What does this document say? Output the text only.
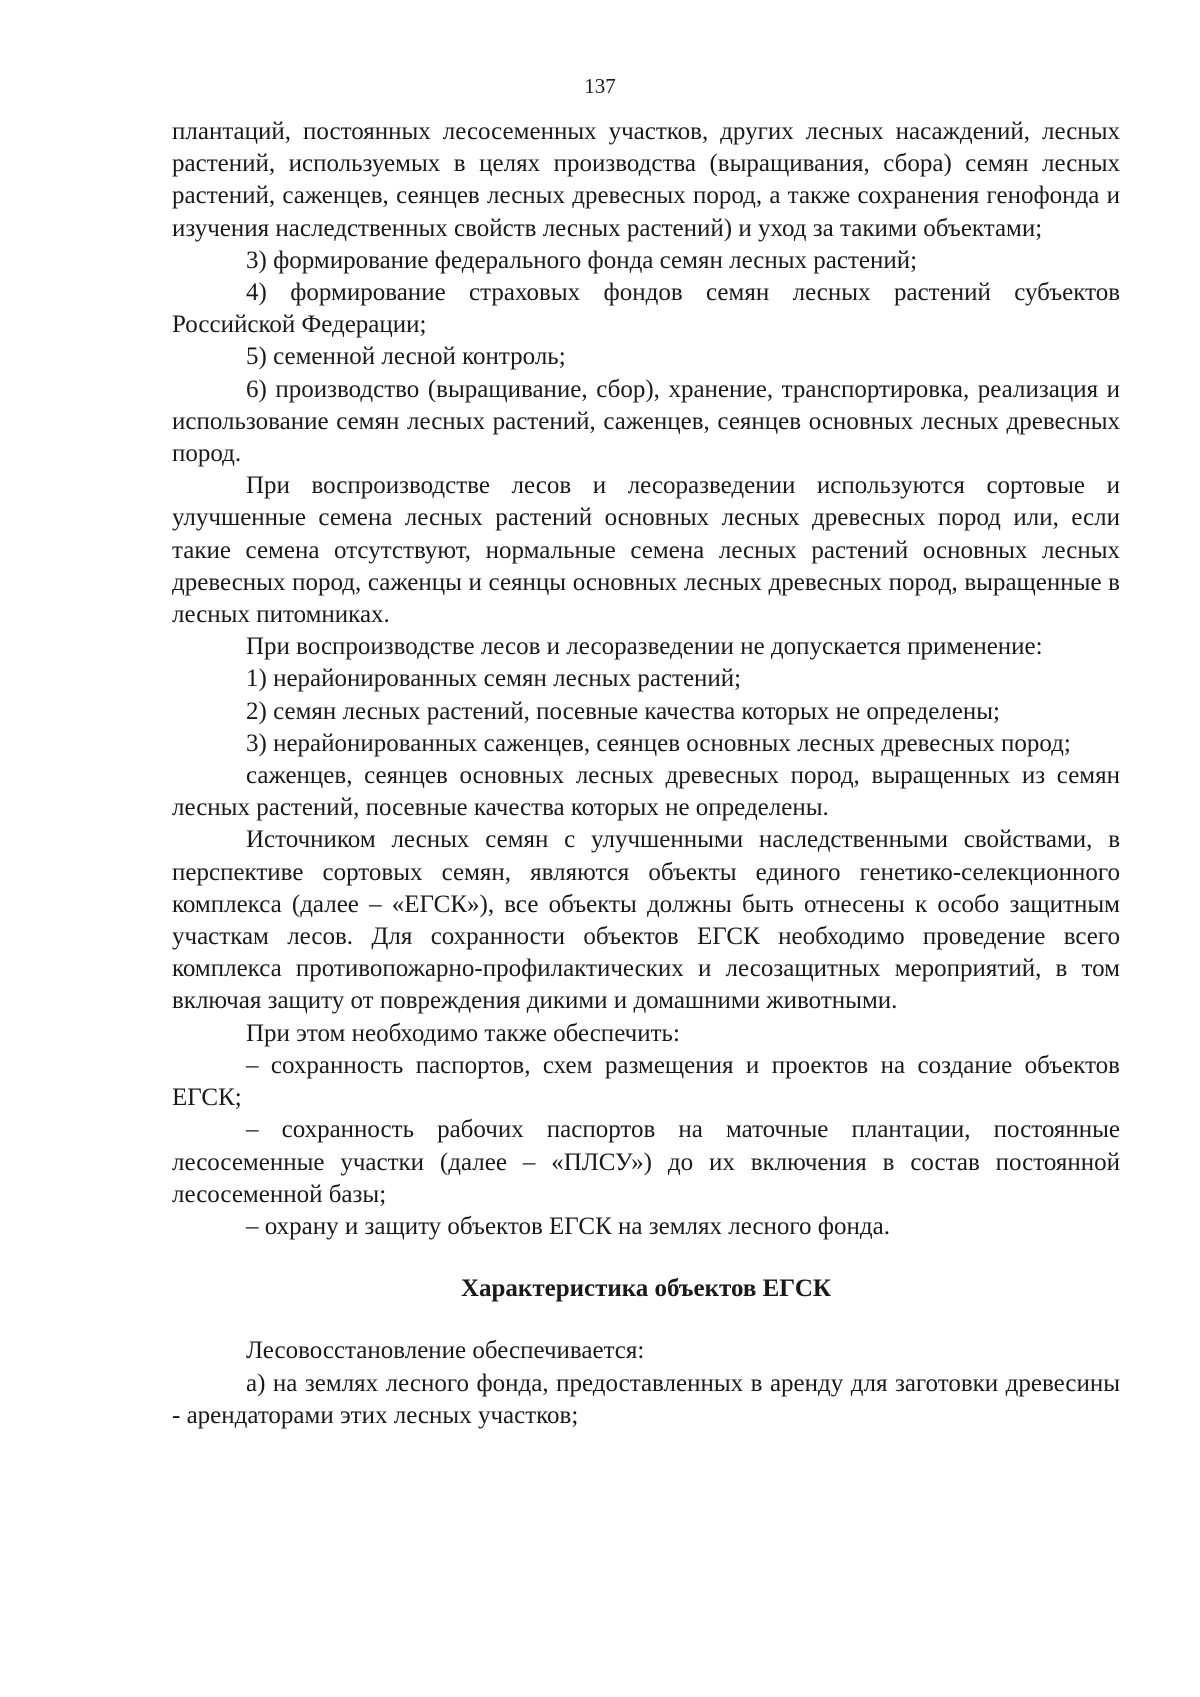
137

плантаций, постоянных лесосеменных участков, других лесных насаждений, лесных растений, используемых в целях производства (выращивания, сбора) семян лесных растений, саженцев, сеянцев лесных древесных пород, а также сохранения генофонда и изучения наследственных свойств лесных растений) и уход за такими объектами;

3) формирование федерального фонда семян лесных растений;

4) формирование страховых фондов семян лесных растений субъектов Российской Федерации;

5) семенной лесной контроль;

6) производство (выращивание, сбор), хранение, транспортировка, реализация и использование семян лесных растений, саженцев, сеянцев основных лесных древесных пород.

При воспроизводстве лесов и лесоразведении используются сортовые и улучшенные семена лесных растений основных лесных древесных пород или, если такие семена отсутствуют, нормальные семена лесных растений основных лесных древесных пород, саженцы и сеянцы основных лесных древесных пород, выращенные в лесных питомниках.

При воспроизводстве лесов и лесоразведении не допускается применение:

1) нерайонированных семян лесных растений;

2) семян лесных растений, посевные качества которых не определены;

3) нерайонированных саженцев, сеянцев основных лесных древесных пород;

саженцев, сеянцев основных лесных древесных пород, выращенных из семян лесных растений, посевные качества которых не определены.

Источником лесных семян с улучшенными наследственными свойствами, в перспективе сортовых семян, являются объекты единого генетико-селекционного комплекса (далее – «ЕГСК»), все объекты должны быть отнесены к особо защитным участкам лесов. Для сохранности объектов ЕГСК необходимо проведение всего комплекса противопожарно-профилактических и лесозащитных мероприятий, в том включая защиту от повреждения дикими и домашними животными.

При этом необходимо также обеспечить:

– сохранность паспортов, схем размещения и проектов на создание объектов ЕГСК;

– сохранность рабочих паспортов на маточные плантации, постоянные лесосеменные участки (далее – «ПЛСУ») до их включения в состав постоянной лесосеменной базы;

– охрану и защиту объектов ЕГСК на землях лесного фонда.

Характеристика объектов ЕГСК

Лесовосстановление обеспечивается:

а) на землях лесного фонда, предоставленных в аренду для заготовки древесины - арендаторами этих лесных участков;
